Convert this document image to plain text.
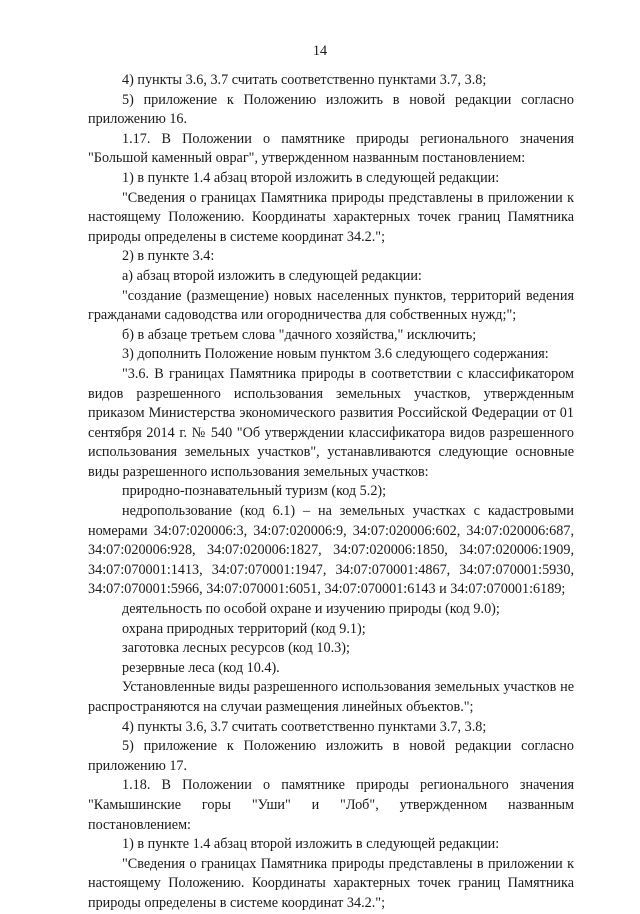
14

4) пункты 3.6, 3.7 считать соответственно пунктами 3.7, 3.8;

5) приложение к Положению изложить в новой редакции согласно приложению 16.

1.17. В Положении о памятнике природы регионального значения "Большой каменный овраг", утвержденном названным постановлением:

1) в пункте 1.4 абзац второй изложить в следующей редакции:

"Сведения о границах Памятника природы представлены в приложении к настоящему Положению. Координаты характерных точек границ Памятника природы определены в системе координат 34.2.";

2) в пункте 3.4:

а) абзац второй изложить в следующей редакции:

"создание (размещение) новых населенных пунктов, территорий ведения гражданами садоводства или огородничества для собственных нужд;";

б) в абзаце третьем слова "дачного хозяйства," исключить;

3) дополнить Положение новым пунктом 3.6 следующего содержания:

"3.6. В границах Памятника природы в соответствии с классификатором видов разрешенного использования земельных участков, утвержденным приказом Министерства экономического развития Российской Федерации от 01 сентября 2014 г. № 540 "Об утверждении классификатора видов разрешенного использования земельных участков", устанавливаются следующие основные виды разрешенного использования земельных участков:

природно-познавательный туризм (код 5.2);

недропользование (код 6.1) – на земельных участках с кадастровыми номерами 34:07:020006:3, 34:07:020006:9, 34:07:020006:602, 34:07:020006:687, 34:07:020006:928, 34:07:020006:1827, 34:07:020006:1850, 34:07:020006:1909, 34:07:070001:1413, 34:07:070001:1947, 34:07:070001:4867, 34:07:070001:5930, 34:07:070001:5966, 34:07:070001:6051, 34:07:070001:6143 и 34:07:070001:6189;

деятельность по особой охране и изучению природы (код 9.0);

охрана природных территорий (код 9.1);

заготовка лесных ресурсов (код 10.3);

резервные леса (код 10.4).

Установленные виды разрешенного использования земельных участков не распространяются на случаи размещения линейных объектов.";

4) пункты 3.6, 3.7 считать соответственно пунктами 3.7, 3.8;

5) приложение к Положению изложить в новой редакции согласно приложению 17.

1.18. В Положении о памятнике природы регионального значения "Камышинские горы "Уши" и "Лоб", утвержденном названным постановлением:

1) в пункте 1.4 абзац второй изложить в следующей редакции:

"Сведения о границах Памятника природы представлены в приложении к настоящему Положению. Координаты характерных точек границ Памятника природы определены в системе координат 34.2.";
